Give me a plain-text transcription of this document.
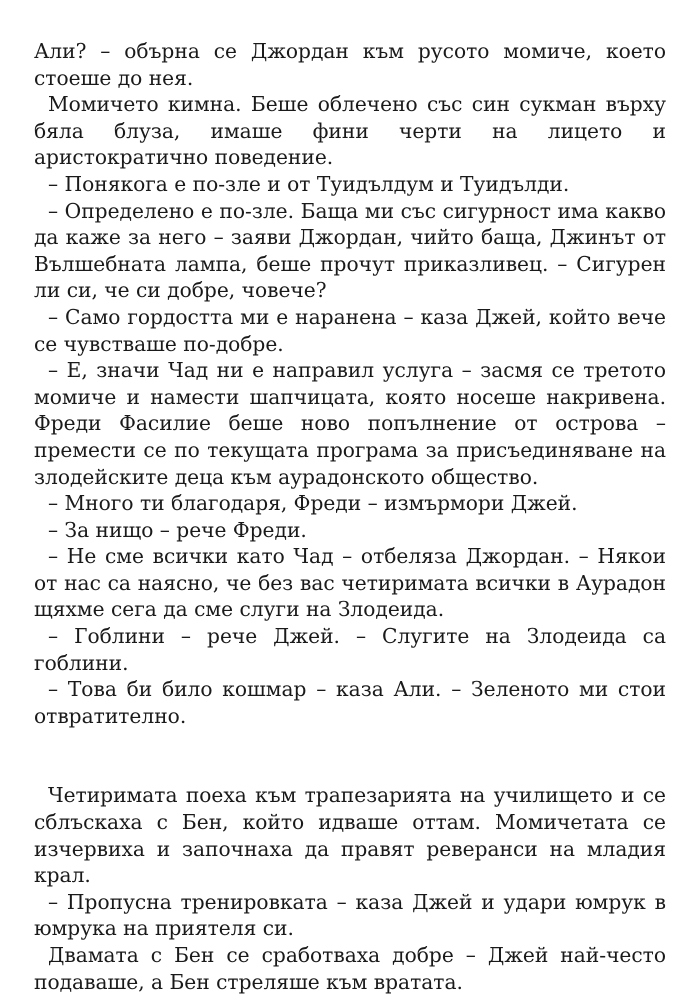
Али? – обърна се Джордан към русото момиче, което стоеше до нея.

Момичето кимна. Беше облечено със син сукман върху бяла блуза, имаше фини черти на лицето и аристократично поведение.

– Понякога е по-зле и от Туидълдум и Туидълди.

– Определено е по-зле. Баща ми със сигурност има какво да каже за него – заяви Джордан, чийто баща, Джинът от Вълшебната лампа, беше прочут приказливец. – Сигурен ли си, че си добре, човече?

– Само гордостта ми е наранена – каза Джей, който вече се чувстваше по-добре.

– Е, значи Чад ни е направил услуга – засмя се третото момиче и намести шапчицата, която носеше накривена. Фреди Фасилие беше ново попълнение от острова – премести се по текущата програма за присъединяване на злодейските деца към аурадонското общество.

– Много ти благодаря, Фреди – измърмори Джей.

– За нищо – рече Фреди.

– Не сме всички като Чад – отбеляза Джордан. – Някои от нас са наясно, че без вас четиримата всички в Аурадон щяхме сега да сме слуги на Злодеида.

– Гоблини – рече Джей. – Слугите на Злодеида са гоблини.

– Това би било кошмар – каза Али. – Зеленото ми стои отвратително.

Четиримата поеха към трапезарията на училището и се сблъскаха с Бен, който идваше оттам. Момичетата се изчервиха и започнаха да правят реверанси на младия крал.

– Пропусна тренировката – каза Джей и удари юмрук в юмрука на приятеля си.

Двамата с Бен се сработваха добре – Джей най-често подаваше, а Бен стреляше към вратата.
